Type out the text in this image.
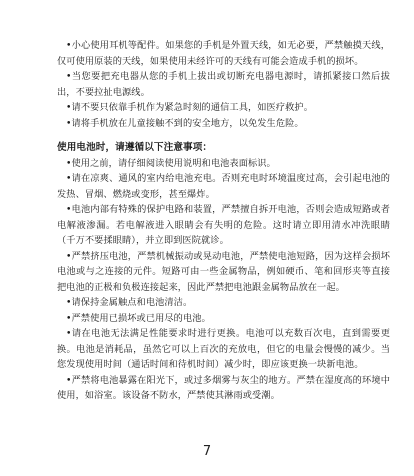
•小心使用耳机等配件。如果您的手机是外置天线，如无必要，严禁触摸天线，仅可使用原装的天线，如果使用未经许可的天线有可能会造成手机的损坏。

•当您要把充电器从您的手机上拔出或切断充电器电源时，请抓紧接口然后拔出，不要拉扯电源线。

•请不要只依靠手机作为紧急时刻的通信工具，如医疗救护。

•请将手机放在儿童接触不到的安全地方，以免发生危险。

使用电池时，请遵循以下注意事项：

•使用之前，请仔细阅读使用说明和电池表面标识。

•请在凉爽、通风的室内给电池充电。否则充电时环境温度过高，会引起电池的发热、冒烟、燃烧或变形，甚至爆炸。

•电池内部有特殊的保护电路和装置，严禁擅自拆开电池，否则会造成短路或者电解液渗漏。若电解液进入眼睛会有失明的危险。这时请立即用清水冲洗眼睛（千万不要揉眼睛），并立即到医院就诊。

•严禁挤压电池，严禁机械振动或晃动电池，严禁使电池短路，因为这样会损坏电池或与之连接的元件。短路可由一些金属物品，例如硬币、笔和回形夹等直接把电池的正极和负极连接起来，因此严禁把电池跟金属物品放在一起。

•请保持金属触点和电池清洁。

•严禁使用已损坏或已用尽的电池。

•请在电池无法满足性能要求时进行更换。电池可以充数百次电，直到需要更换。电池是消耗品，虽然它可以上百次的充放电，但它的电量会慢慢的减少。当您发现使用时间（通话时间和待机时间）减少时，即应该更换一块新电池。

•严禁将电池暴露在阳光下，或过多烟雾与灰尘的地方。严禁在湿度高的环境中使用，如浴室。该设备不防水，严禁使其淋雨或受潮。

7
